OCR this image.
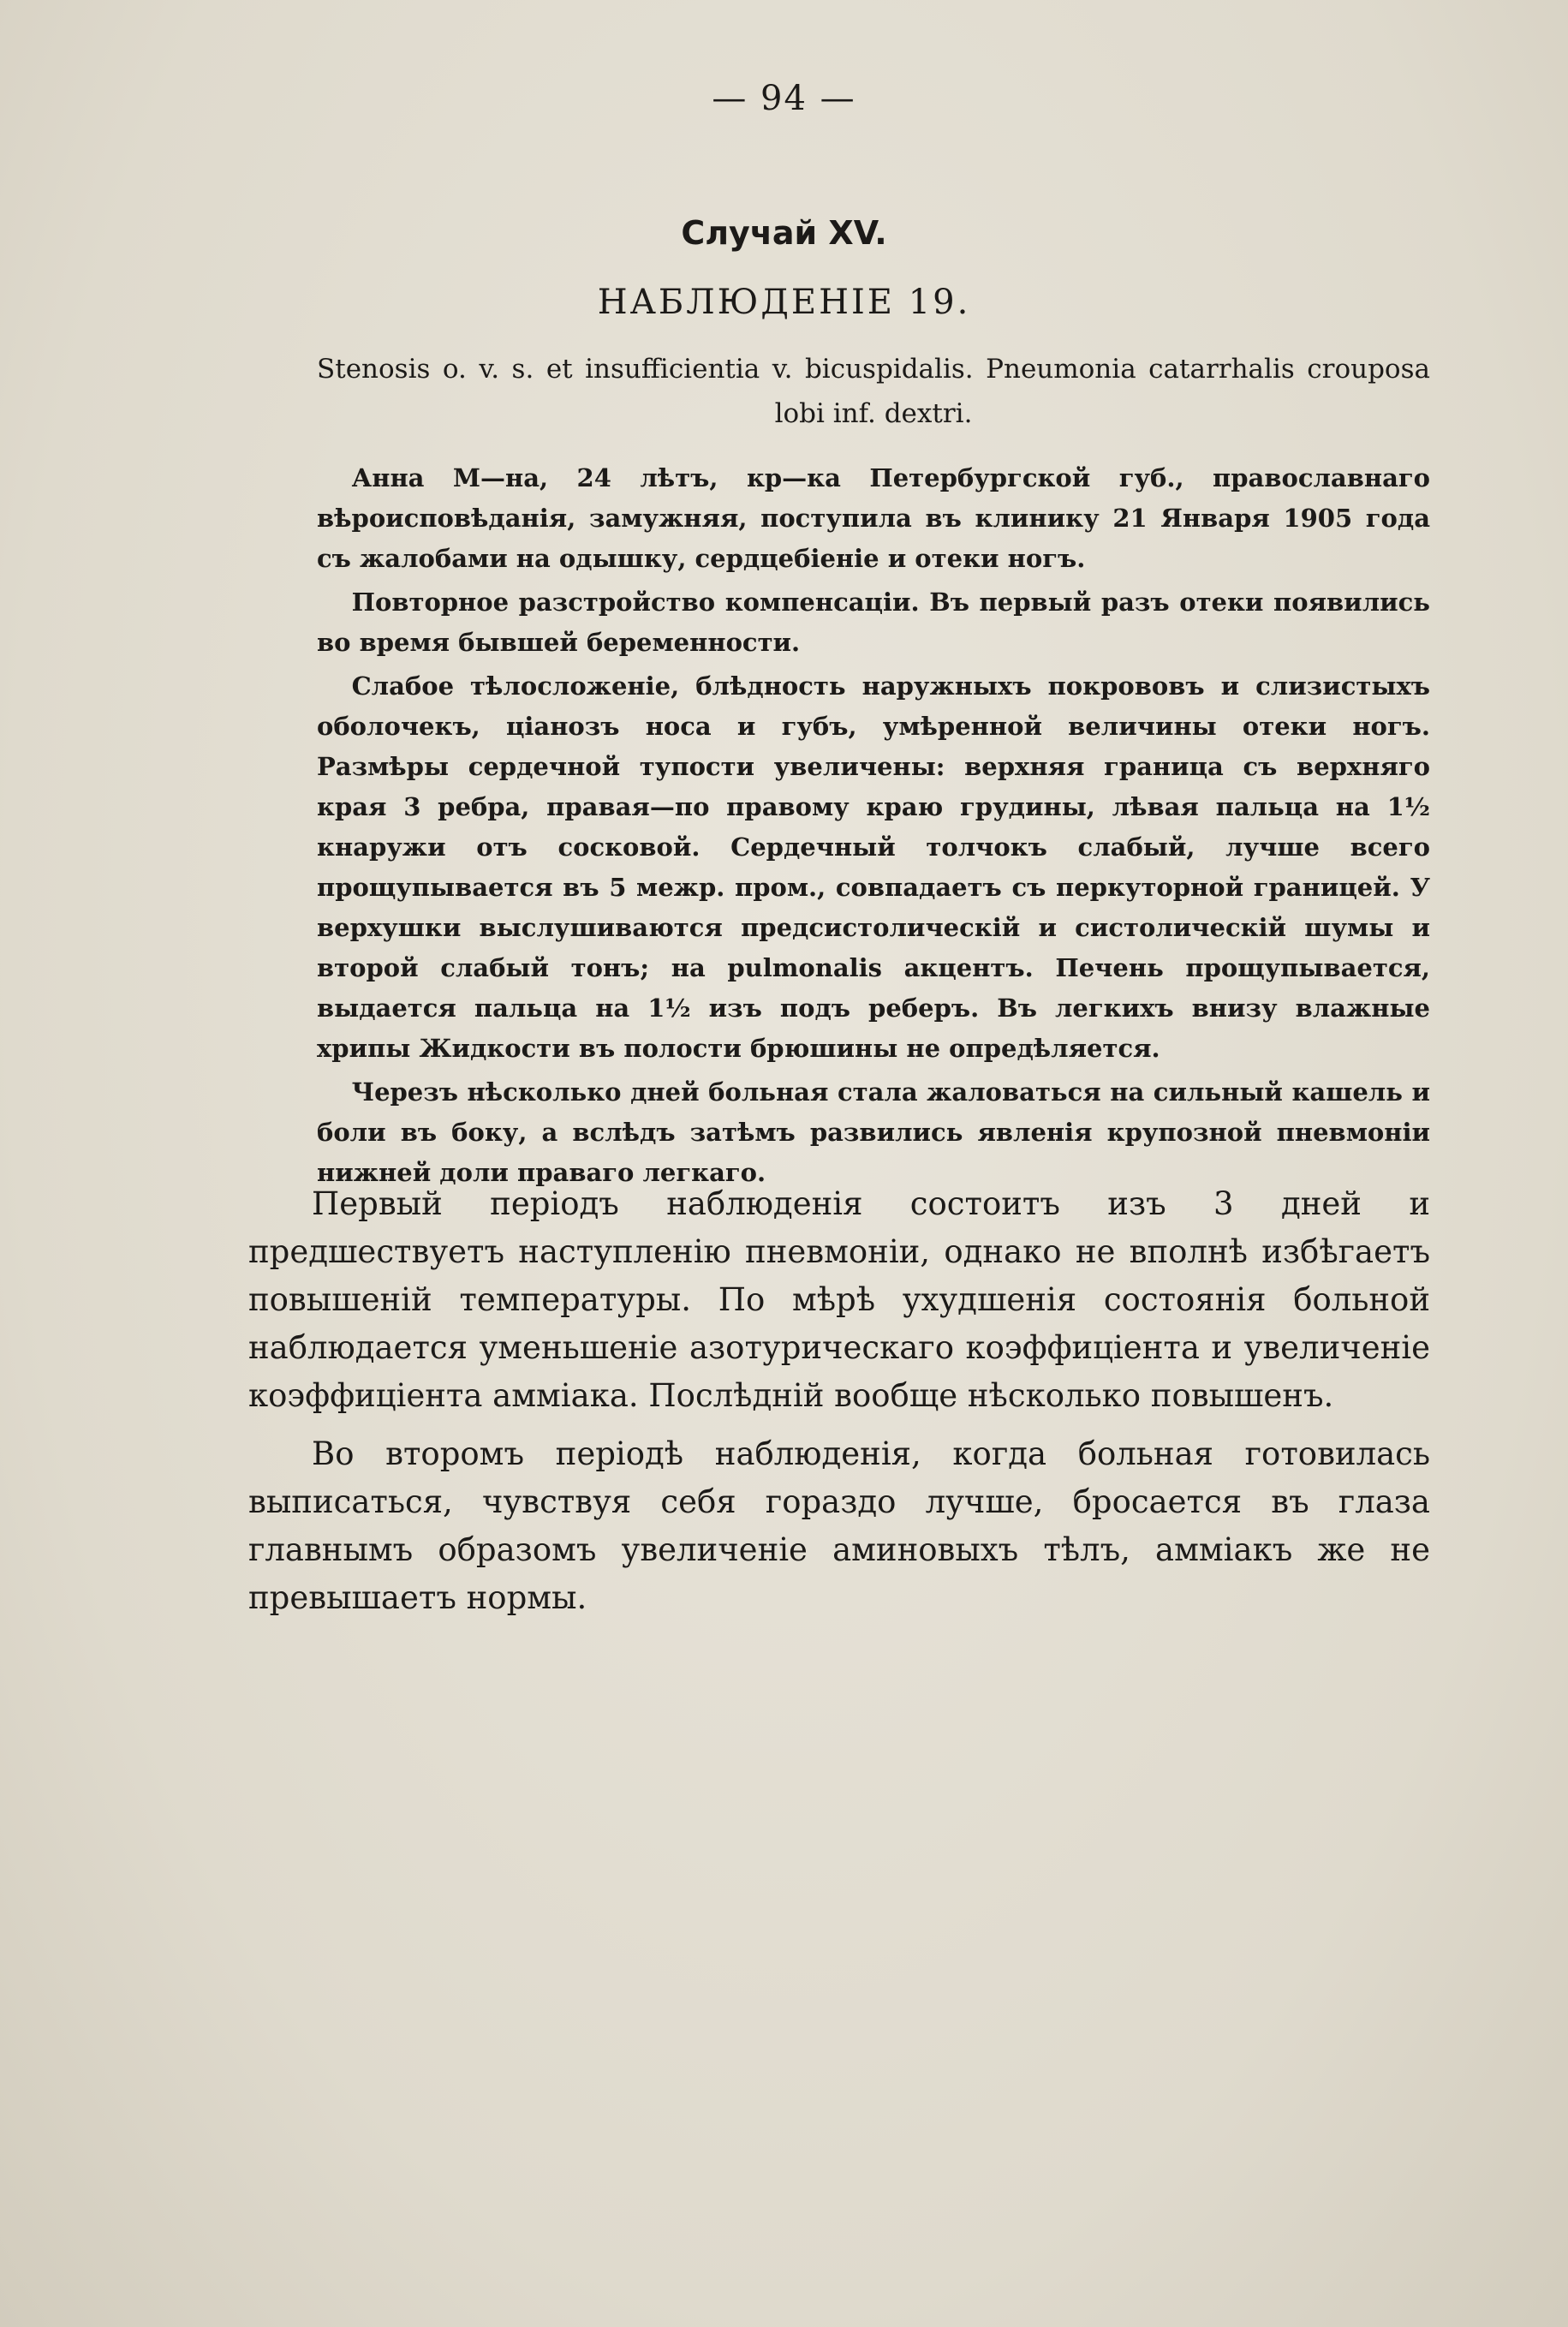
— 94 —
Случай XV.
НАБЛЮДЕНІЕ 19.
Stenosis o. v. s. et insufficientia v. bicuspidalis. Pneumonia catarrhalis crouposa lobi inf. dextri.

Анна М—на, 24 лѣтъ, кр—ка Петербургской губ., православнаго вѣроисповѣданія, замужняя, поступила въ клинику 21 Января 1905 года съ жалобами на одышку, сердцебіеніе и отеки ногъ.

Повторное разстройство компенсаціи. Въ первый разъ отеки появились во время бывшей беременности.

Слабое тѣлосложеніе, блѣдность наружныхъ покрововъ и слизистыхъ оболочекъ, ціанозъ носа и губъ, умѣренной величины отеки ногъ. Размѣры сердечной тупости увеличены: верхняя граница съ верхняго края 3 ребра, правая—по правому краю грудины, лѣвая пальца на 1½ кнаружи отъ сосковой. Сердечный толчокъ слабый, лучше всего прощупывается въ 5 межр. пром., совпадаетъ съ перкуторной границей. У верхушки выслушиваются предсистолическій и систолическій шумы и второй слабый тонъ; на pulmonalis акцентъ. Печень прощупывается, выдается пальца на 1½ изъ подъ реберъ. Въ легкихъ внизу влажные хрипы Жидкости въ полости брюшины не опредѣляется.

Черезъ нѣсколько дней больная стала жаловаться на сильный кашель и боли въ боку, а вслѣдъ затѣмъ развились явленія крупозной пневмоніи нижней доли праваго легкаго.

Первый періодъ наблюденія состоитъ изъ 3 дней и предшествуетъ наступленію пневмоніи, однако не вполнѣ избѣгаетъ повышеній температуры. По мѣрѣ ухудшенія состоянія больной наблюдается уменьшеніе азотурическаго коэффиціента и увеличеніе коэффиціента амміака. Послѣдній вообще нѣсколько повышенъ.

Во второмъ періодѣ наблюденія, когда больная готовилась выписаться, чувствуя себя гораздо лучше, бросается въ глаза главнымъ образомъ увеличеніе аминовыхъ тѣлъ, амміакъ же не превышаетъ нормы.
